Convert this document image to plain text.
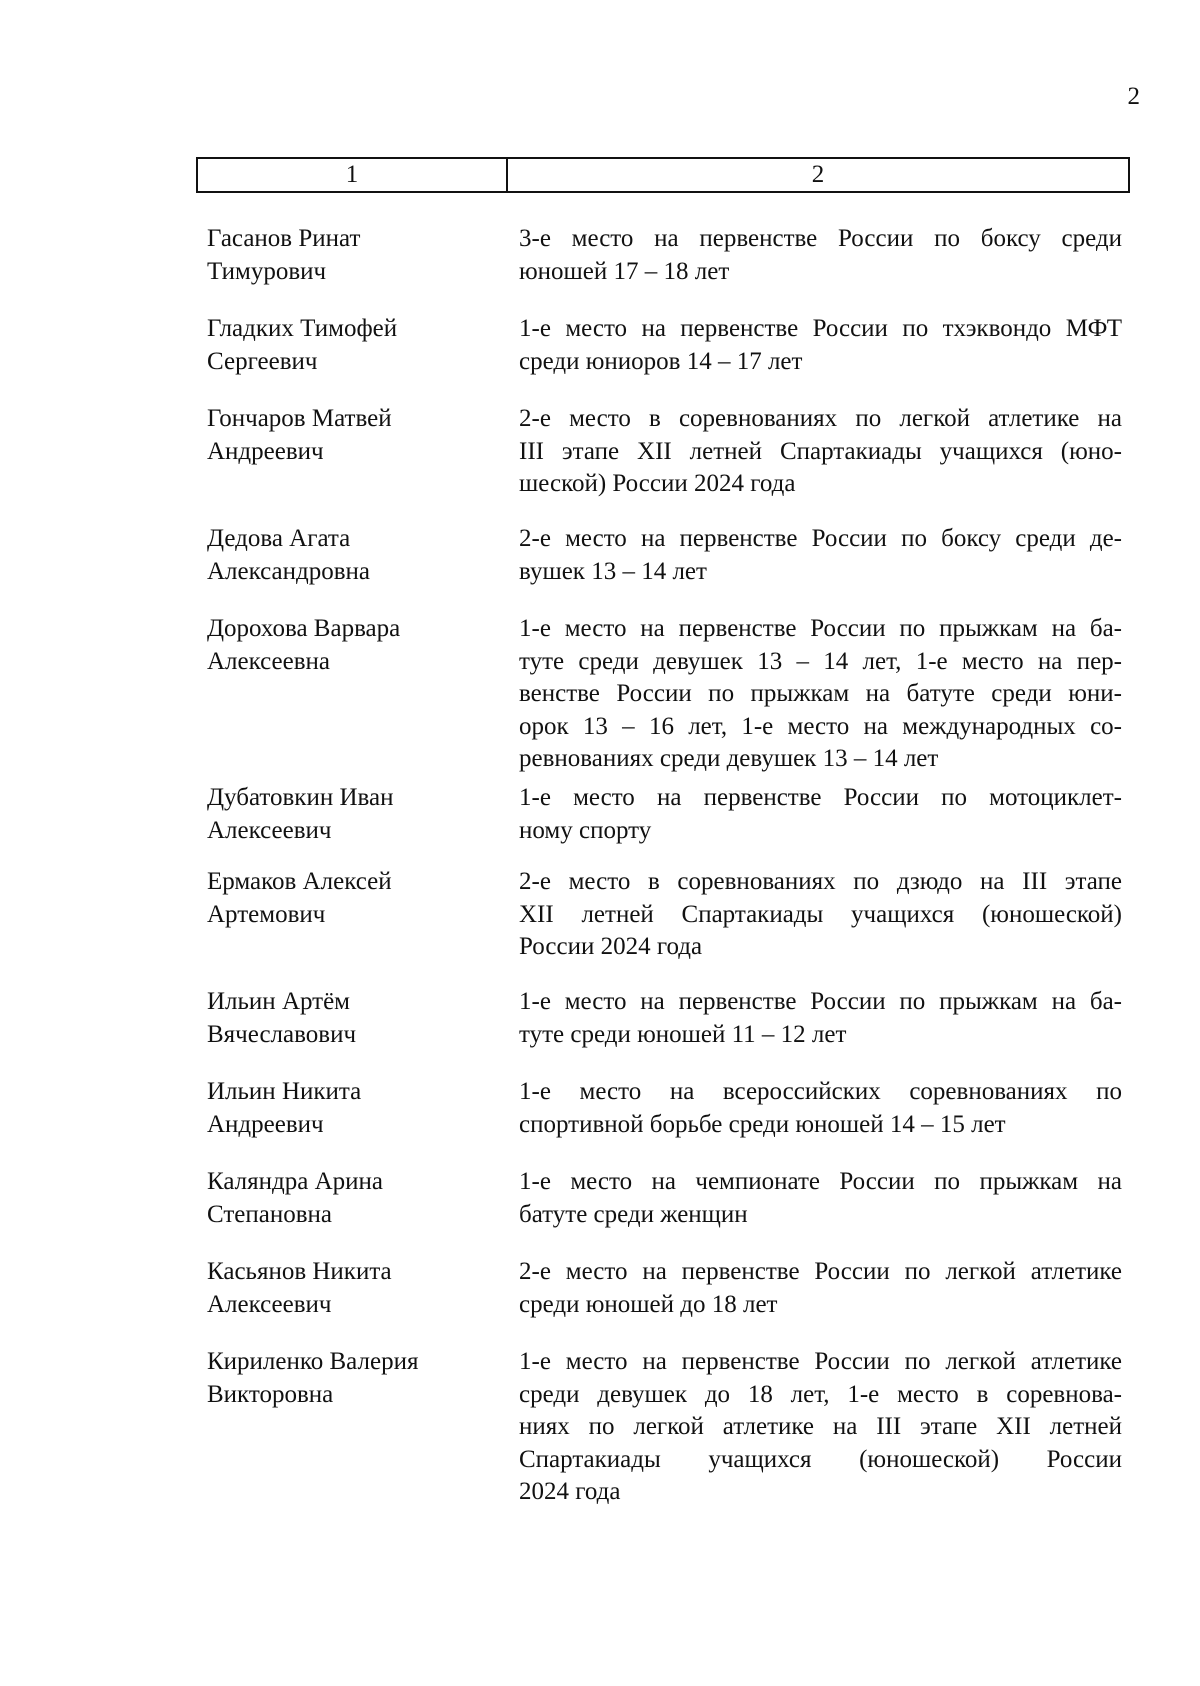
2
1	2
Гасанов Ринат
Тимурович
3-е место на первенстве России по боксу среди
юношей 17 – 18 лет
Гладких Тимофей
Сергеевич
1-е место на первенстве России по тхэквондо МФТ
среди юниоров 14 – 17 лет
Гончаров Матвей
Андреевич
2-е место в соревнованиях по легкой атлетике на
III этапе XII летней Спартакиады учащихся (юно-
шеской) России 2024 года
Дедова Агата
Александровна
2-е место на первенстве России по боксу среди де-
вушек 13 – 14 лет
Дорохова Варвара
Алексеевна
1-е место на первенстве России по прыжкам на ба-
туте среди девушек 13 – 14 лет, 1-е место на пер-
венстве России по прыжкам на батуте среди юни-
орок 13 – 16 лет, 1-е место на международных со-
ревнованиях среди девушек 13 – 14 лет
Дубатовкин Иван
Алексеевич
1-е место на первенстве России по мотоциклет-
ному спорту
Ермаков Алексей
Артемович
2-е место в соревнованиях по дзюдо на III этапе
XII летней Спартакиады учащихся (юношеской)
России 2024 года
Ильин Артём
Вячеславович
1-е место на первенстве России по прыжкам на ба-
туте среди юношей 11 – 12 лет
Ильин Никита
Андреевич
1-е место на всероссийских соревнованиях по
спортивной борьбе среди юношей 14 – 15 лет
Каляндра Арина
Степановна
1-е место на чемпионате России по прыжкам на
батуте среди женщин
Касьянов Никита
Алексеевич
2-е место на первенстве России по легкой атлетике
среди юношей до 18 лет
Кириленко Валерия
Викторовна
1-е место на первенстве России по легкой атлетике
среди девушек до 18 лет, 1-е место в соревнова-
ниях по легкой атлетике на III этапе XII летней
Спартакиады учащихся (юношеской) России
2024 года
